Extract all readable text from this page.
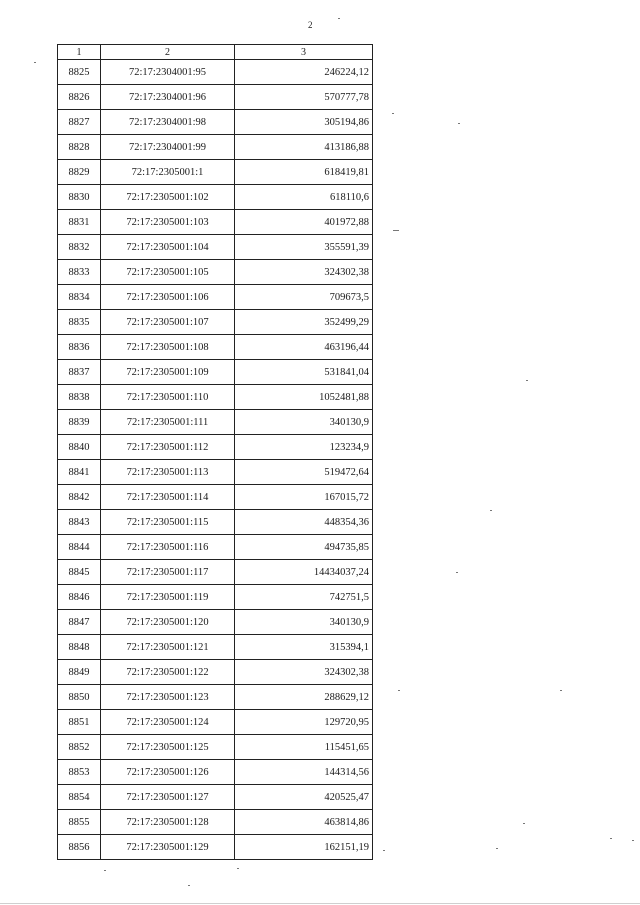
2
1	2	3
8825	72:17:2304001:95	246224,12
8826	72:17:2304001:96	570777,78
8827	72:17:2304001:98	305194,86
8828	72:17:2304001:99	413186,88
8829	72:17:2305001:1	618419,81
8830	72:17:2305001:102	618110,6
8831	72:17:2305001:103	401972,88
8832	72:17:2305001:104	355591,39
8833	72:17:2305001:105	324302,38
8834	72:17:2305001:106	709673,5
8835	72:17:2305001:107	352499,29
8836	72:17:2305001:108	463196,44
8837	72:17:2305001:109	531841,04
8838	72:17:2305001:110	1052481,88
8839	72:17:2305001:111	340130,9
8840	72:17:2305001:112	123234,9
8841	72:17:2305001:113	519472,64
8842	72:17:2305001:114	167015,72
8843	72:17:2305001:115	448354,36
8844	72:17:2305001:116	494735,85
8845	72:17:2305001:117	14434037,24
8846	72:17:2305001:119	742751,5
8847	72:17:2305001:120	340130,9
8848	72:17:2305001:121	315394,1
8849	72:17:2305001:122	324302,38
8850	72:17:2305001:123	288629,12
8851	72:17:2305001:124	129720,95
8852	72:17:2305001:125	115451,65
8853	72:17:2305001:126	144314,56
8854	72:17:2305001:127	420525,47
8855	72:17:2305001:128	463814,86
8856	72:17:2305001:129	162151,19
